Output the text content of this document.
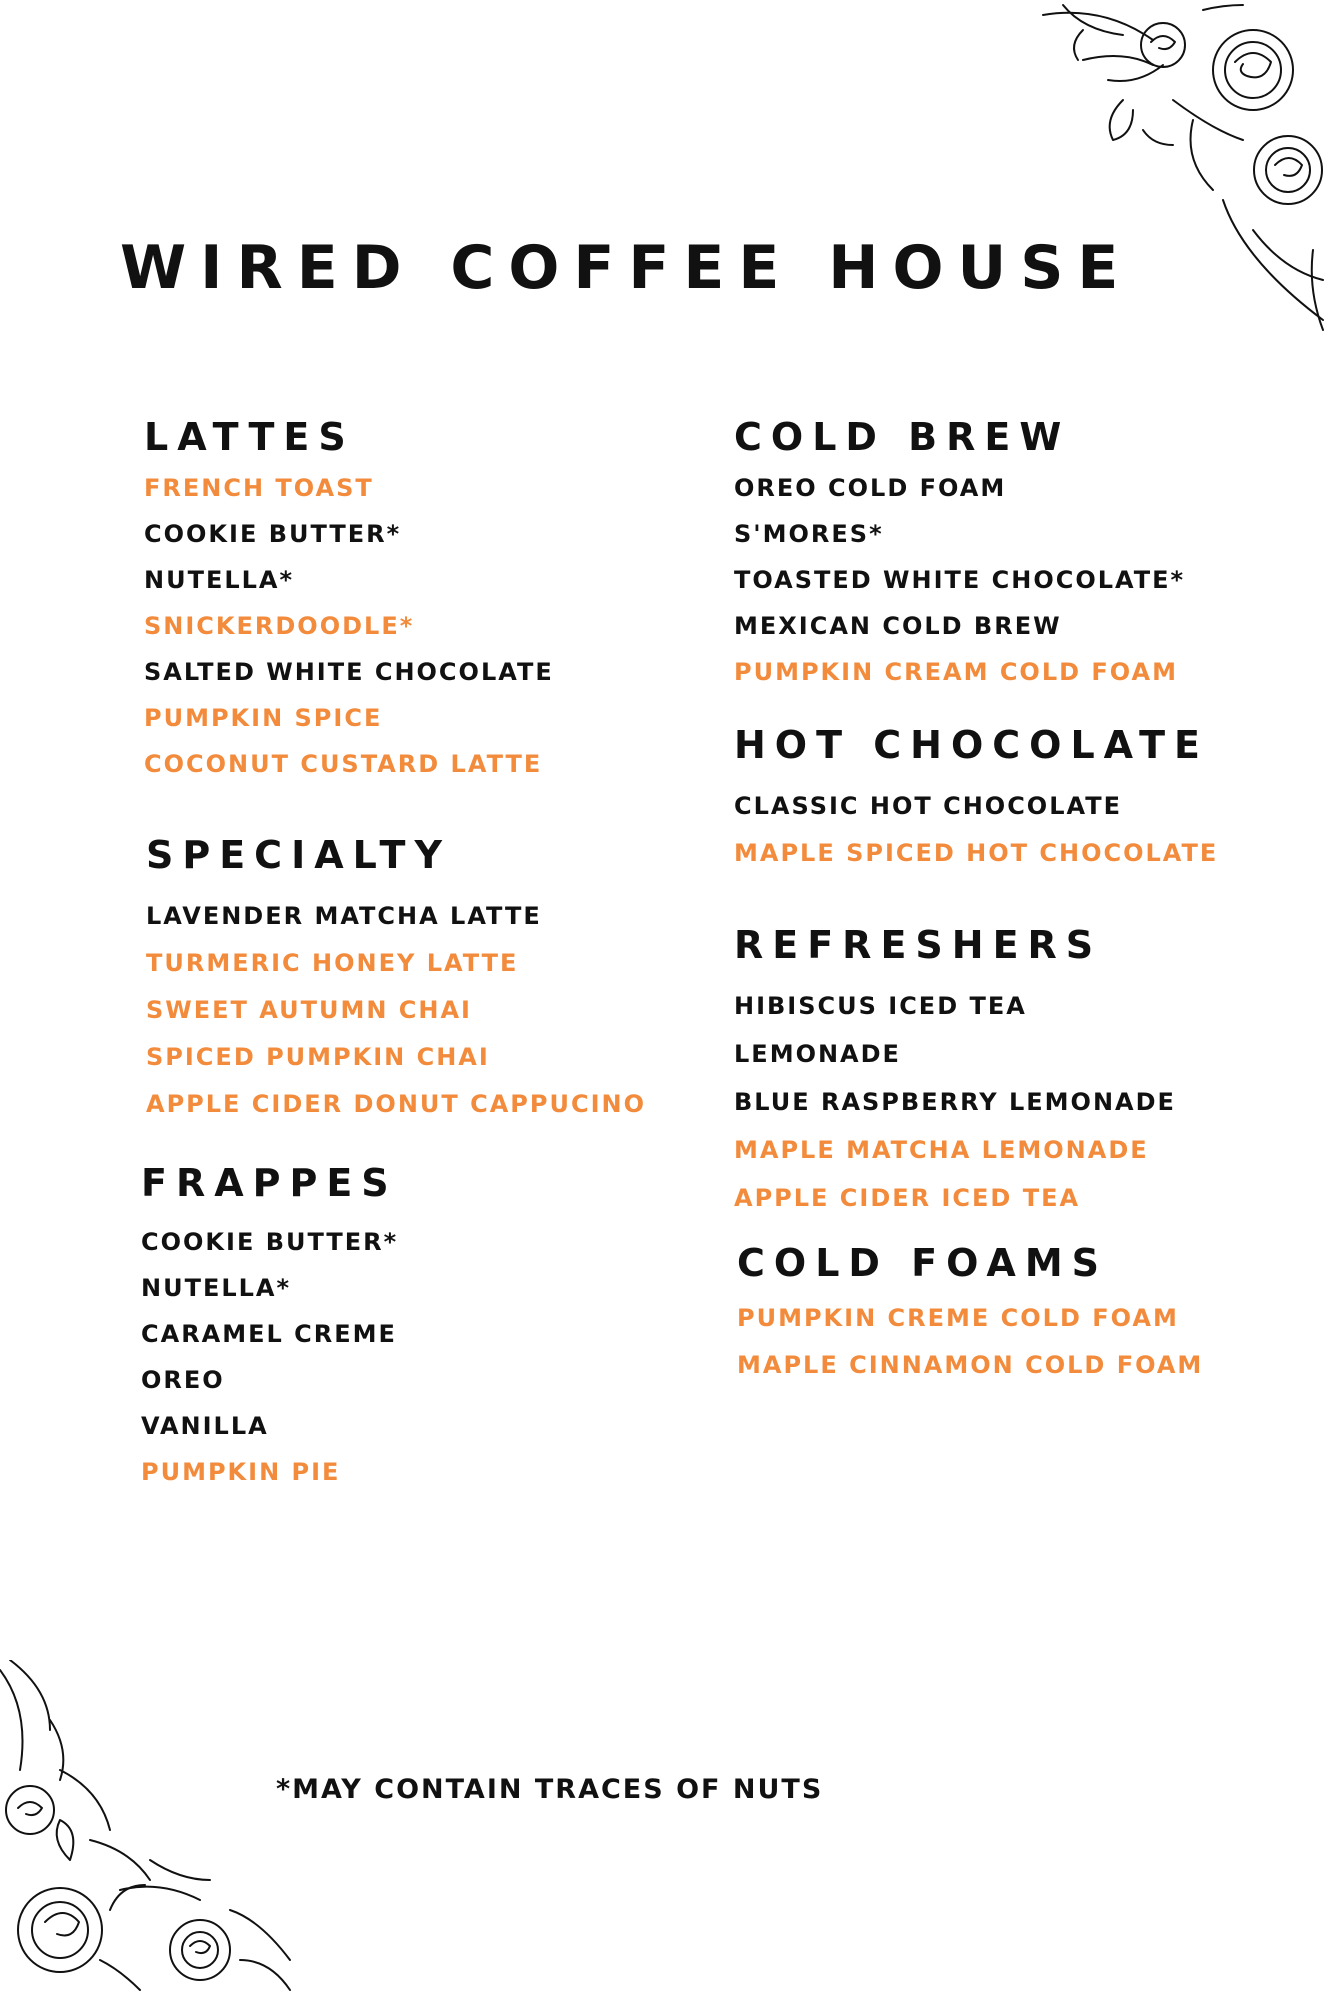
WIRED COFFEE HOUSE
LATTES
FRENCH TOAST
COOKIE BUTTER*
NUTELLA*
SNICKERDOODLE*
SALTED WHITE CHOCOLATE
PUMPKIN SPICE
COCONUT CUSTARD LATTE
SPECIALTY
LAVENDER MATCHA LATTE
TURMERIC HONEY LATTE
SWEET AUTUMN CHAI
SPICED PUMPKIN CHAI
APPLE CIDER DONUT CAPPUCINO
FRAPPES
COOKIE BUTTER*
NUTELLA*
CARAMEL CREME
OREO
VANILLA
PUMPKIN PIE
COLD BREW
OREO COLD FOAM
S'MORES*
TOASTED WHITE CHOCOLATE*
MEXICAN COLD BREW
PUMPKIN CREAM COLD FOAM
HOT CHOCOLATE
CLASSIC HOT CHOCOLATE
MAPLE SPICED HOT CHOCOLATE
REFRESHERS
HIBISCUS ICED TEA
LEMONADE
BLUE RASPBERRY LEMONADE
MAPLE MATCHA LEMONADE
APPLE CIDER ICED TEA
COLD FOAMS
PUMPKIN CREME COLD FOAM
MAPLE CINNAMON COLD FOAM
*MAY CONTAIN TRACES OF NUTS
